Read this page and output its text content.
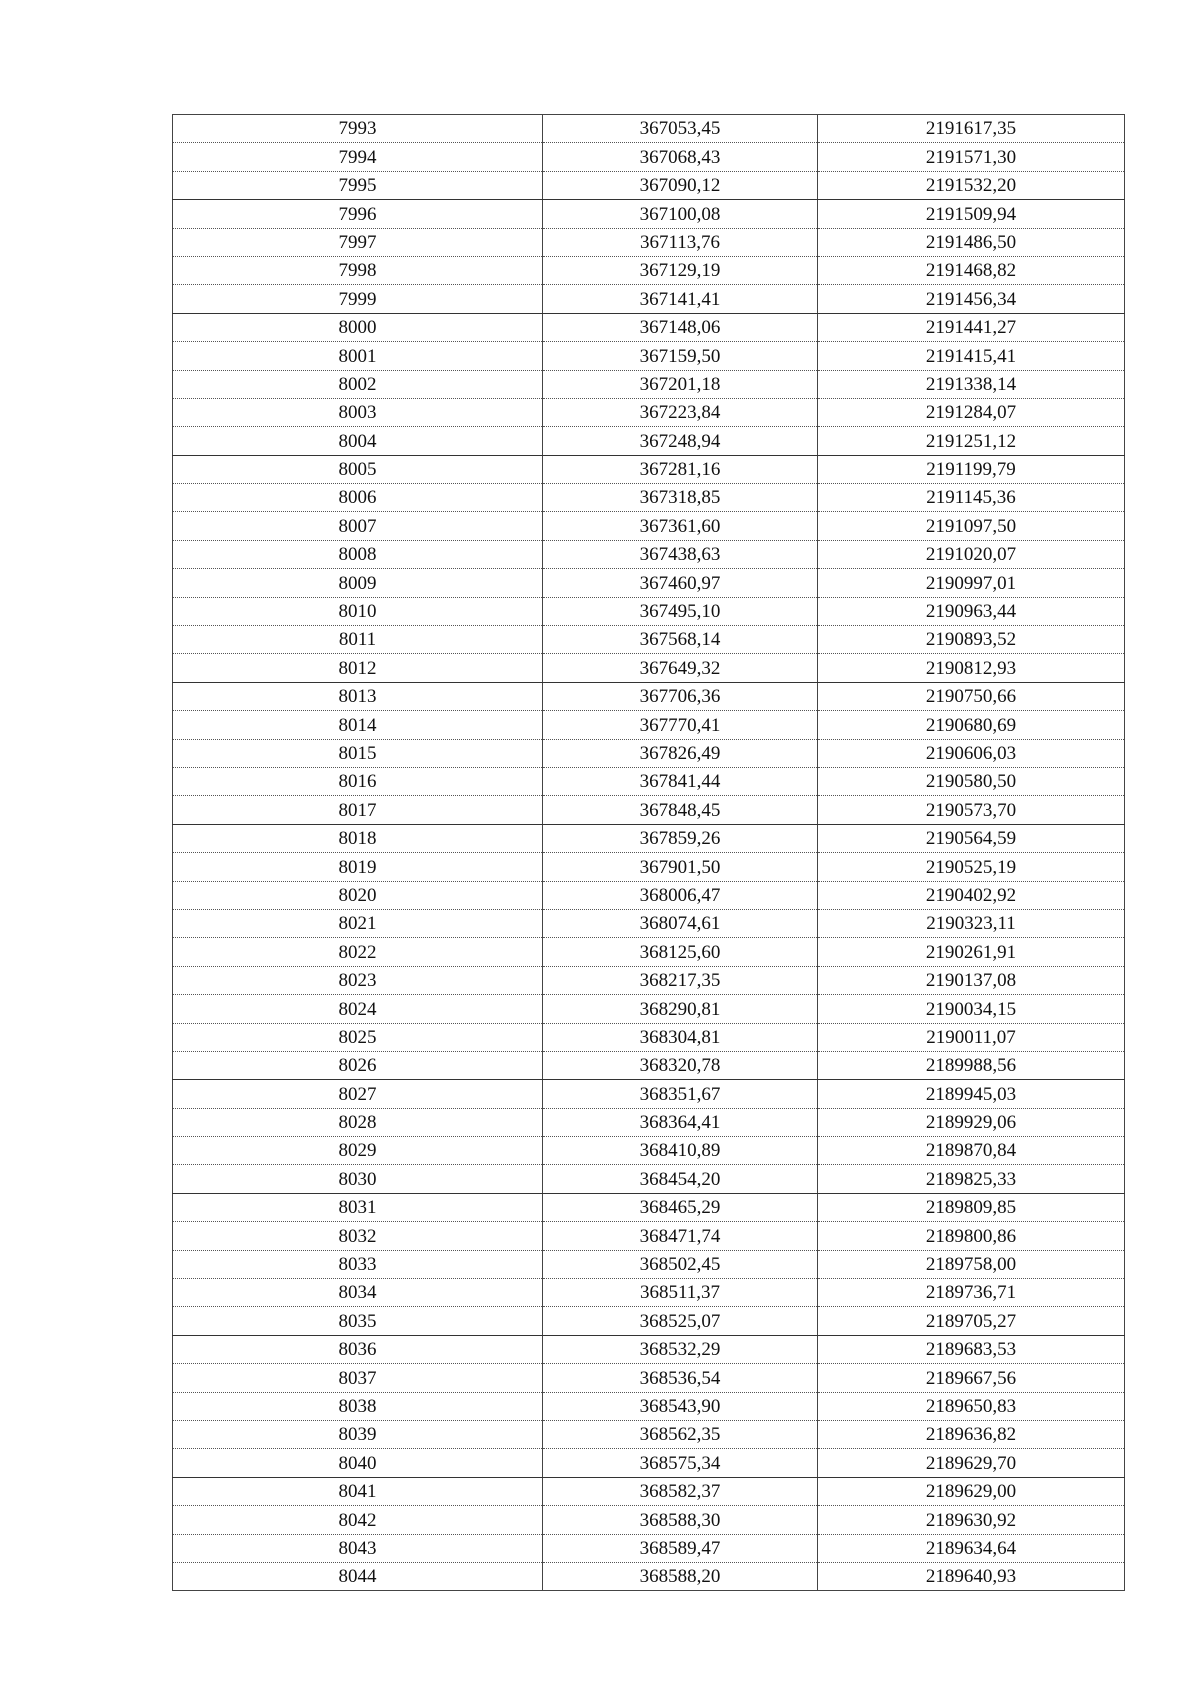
7993	367053,45	2191617,35
7994	367068,43	2191571,30
7995	367090,12	2191532,20
7996	367100,08	2191509,94
7997	367113,76	2191486,50
7998	367129,19	2191468,82
7999	367141,41	2191456,34
8000	367148,06	2191441,27
8001	367159,50	2191415,41
8002	367201,18	2191338,14
8003	367223,84	2191284,07
8004	367248,94	2191251,12
8005	367281,16	2191199,79
8006	367318,85	2191145,36
8007	367361,60	2191097,50
8008	367438,63	2191020,07
8009	367460,97	2190997,01
8010	367495,10	2190963,44
8011	367568,14	2190893,52
8012	367649,32	2190812,93
8013	367706,36	2190750,66
8014	367770,41	2190680,69
8015	367826,49	2190606,03
8016	367841,44	2190580,50
8017	367848,45	2190573,70
8018	367859,26	2190564,59
8019	367901,50	2190525,19
8020	368006,47	2190402,92
8021	368074,61	2190323,11
8022	368125,60	2190261,91
8023	368217,35	2190137,08
8024	368290,81	2190034,15
8025	368304,81	2190011,07
8026	368320,78	2189988,56
8027	368351,67	2189945,03
8028	368364,41	2189929,06
8029	368410,89	2189870,84
8030	368454,20	2189825,33
8031	368465,29	2189809,85
8032	368471,74	2189800,86
8033	368502,45	2189758,00
8034	368511,37	2189736,71
8035	368525,07	2189705,27
8036	368532,29	2189683,53
8037	368536,54	2189667,56
8038	368543,90	2189650,83
8039	368562,35	2189636,82
8040	368575,34	2189629,70
8041	368582,37	2189629,00
8042	368588,30	2189630,92
8043	368589,47	2189634,64
8044	368588,20	2189640,93
